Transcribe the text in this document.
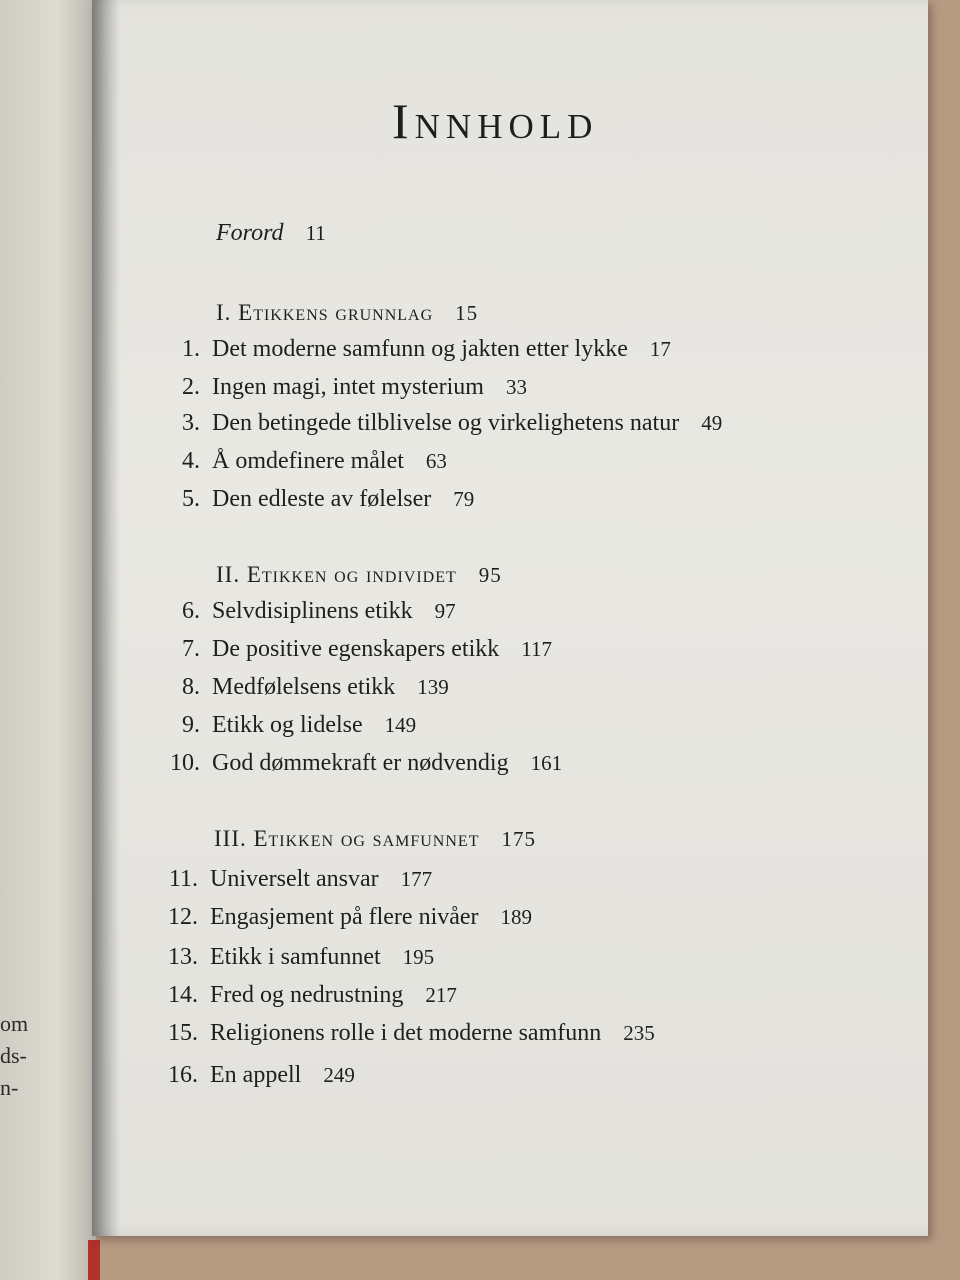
om
ds-
n-
Innhold
Forord 11
I. Etikkens grunnlag 15
1. Det moderne samfunn og jakten etter lykke 17
2. Ingen magi, intet mysterium 33
3. Den betingede tilblivelse og virkelighetens natur 49
4. Å omdefinere målet 63
5. Den edleste av følelser 79
II. Etikken og individet 95
6. Selvdisiplinens etikk 97
7. De positive egenskapers etikk 117
8. Medfølelsens etikk 139
9. Etikk og lidelse 149
10. God dømmekraft er nødvendig 161
III. Etikken og samfunnet 175
11. Universelt ansvar 177
12. Engasjement på flere nivåer 189
13. Etikk i samfunnet 195
14. Fred og nedrustning 217
15. Religionens rolle i det moderne samfunn 235
16. En appell 249
